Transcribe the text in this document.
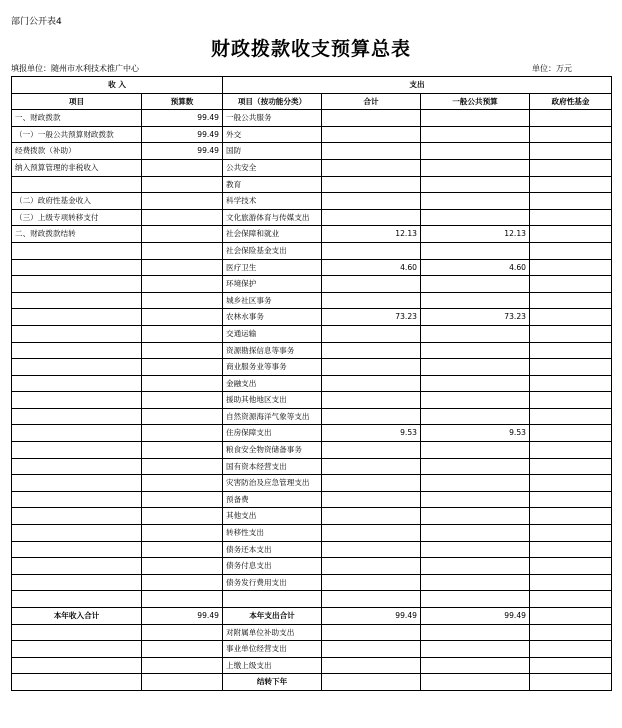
部门公开表4
财政拨款收支预算总表
填报单位：随州市水利技术推广中心	单位：万元
收 入		支出			
项目	预算数	项目（按功能分类）	合计	一般公共预算	政府性基金
一、财政拨款	99.49	一般公共服务			
（一）一般公共预算财政拨款	99.49	外交			
经费拨款（补助）	99.49	国防			
纳入预算管理的非税收入		公共安全			
		教育			
（二）政府性基金收入		科学技术			
（三）上级专项转移支付		文化旅游体育与传媒支出			
二、财政拨款结转		社会保障和就业	12.13	12.13	
		社会保险基金支出			
		医疗卫生	4.60	4.60	
		环境保护			
		城乡社区事务			
		农林水事务	73.23	73.23	
		交通运输			
		资源勘探信息等事务			
		商业服务业等事务			
		金融支出			
		援助其他地区支出			
		自然资源海洋气象等支出			
		住房保障支出	9.53	9.53	
		粮食安全物资储备事务			
		国有资本经营支出			
		灾害防治及应急管理支出			
		预备费			
		其他支出			
		转移性支出			
		债务还本支出			
		债务付息支出			
		债务发行费用支出			

本年收入合计	99.49	本年支出合计	99.49	99.49	
		对附属单位补助支出			
		事业单位经营支出			
		上缴上级支出			
		结转下年			
